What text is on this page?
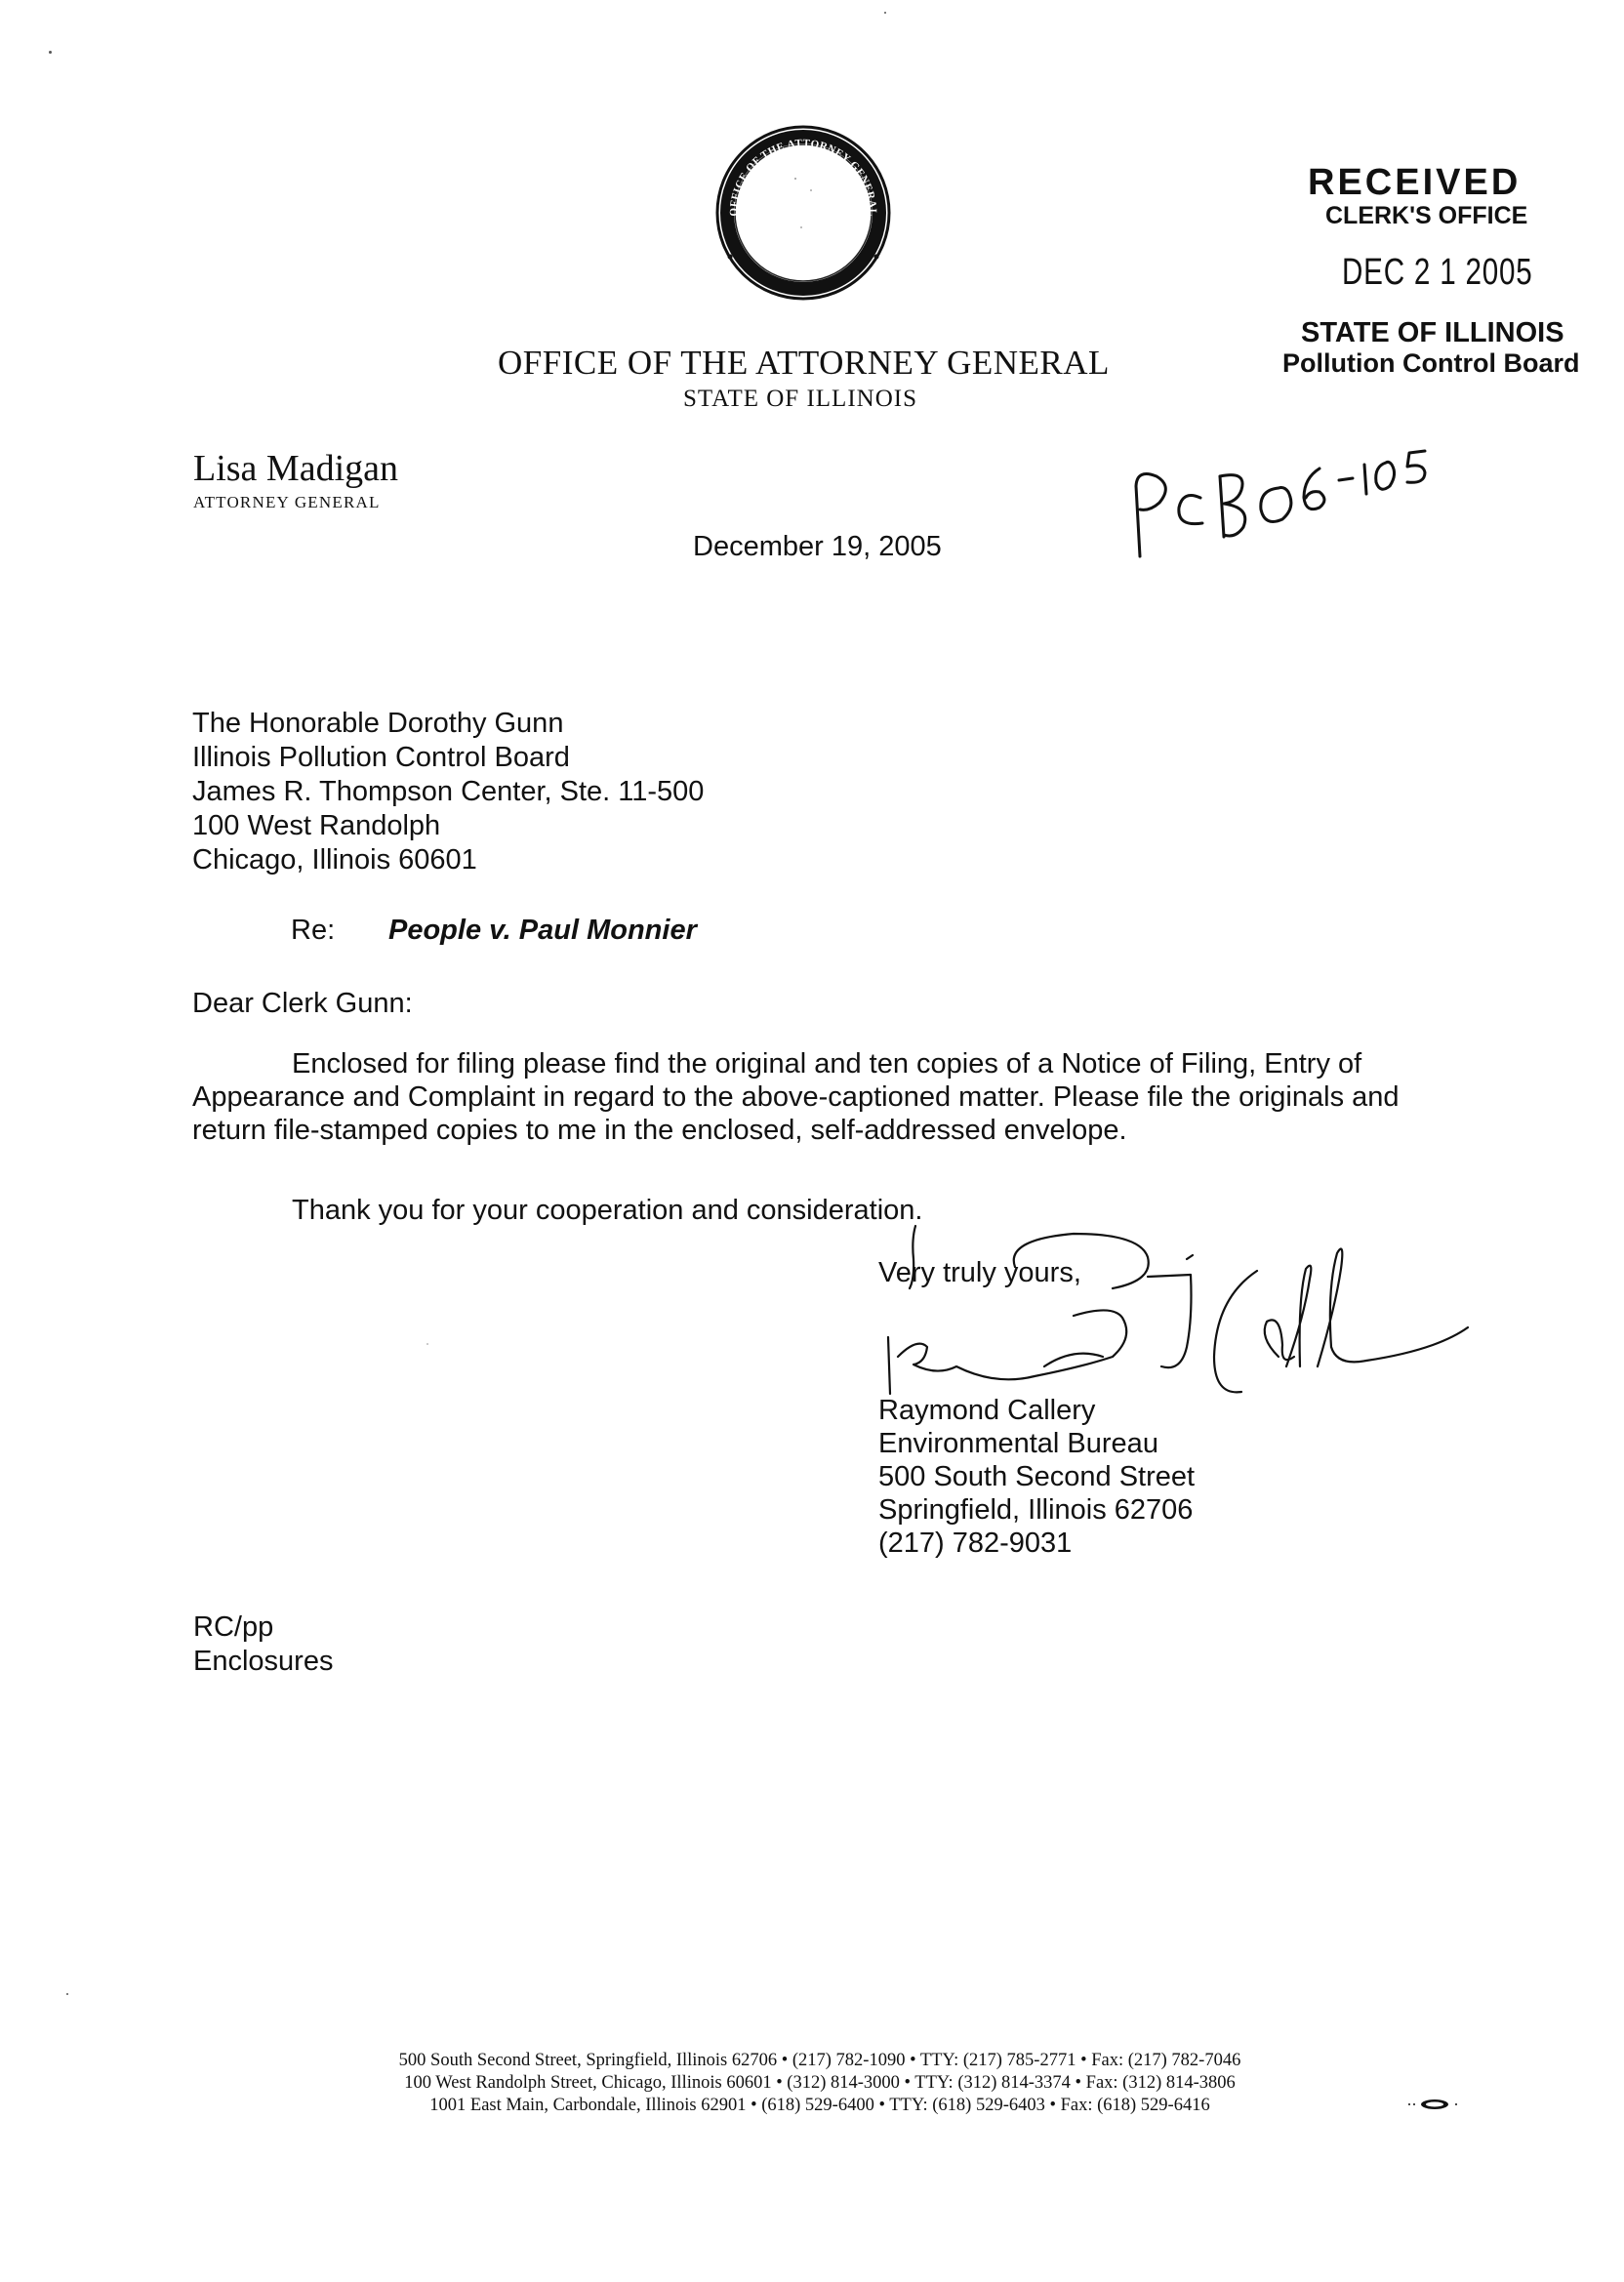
OFFICE OF THE ATTORNEY GENERAL
STATE OF ILLINOIS
OFFICE OF THE ATTORNEY GENERAL
STATE OF ILLINOIS
Lisa Madigan
ATTORNEY GENERAL
RECEIVED
CLERK'S OFFICE
DEC 2 1 2005
STATE OF ILLINOIS
Pollution Control Board
December 19, 2005
The Honorable Dorothy Gunn
Illinois Pollution Control Board
James R. Thompson Center, Ste. 11-500
100 West Randolph
Chicago, Illinois 60601
Re: People v. Paul Monnier
Dear Clerk Gunn:
Enclosed for filing please find the original and ten copies of a Notice of Filing, Entry of
Appearance and Complaint in regard to the above-captioned matter. Please file the originals and
return file-stamped copies to me in the enclosed, self-addressed envelope.
Thank you for your cooperation and consideration.
Very truly yours,
Raymond Callery
Environmental Bureau
500 South Second Street
Springfield, Illinois 62706
(217) 782-9031
RC/pp
Enclosures
500 South Second Street, Springfield, Illinois 62706 • (217) 782-1090 • TTY: (217) 785-2771 • Fax: (217) 782-7046
100 West Randolph Street, Chicago, Illinois 60601 • (312) 814-3000 • TTY: (312) 814-3374 • Fax: (312) 814-3806
1001 East Main, Carbondale, Illinois 62901 • (618) 529-6400 • TTY: (618) 529-6403 • Fax: (618) 529-6416
